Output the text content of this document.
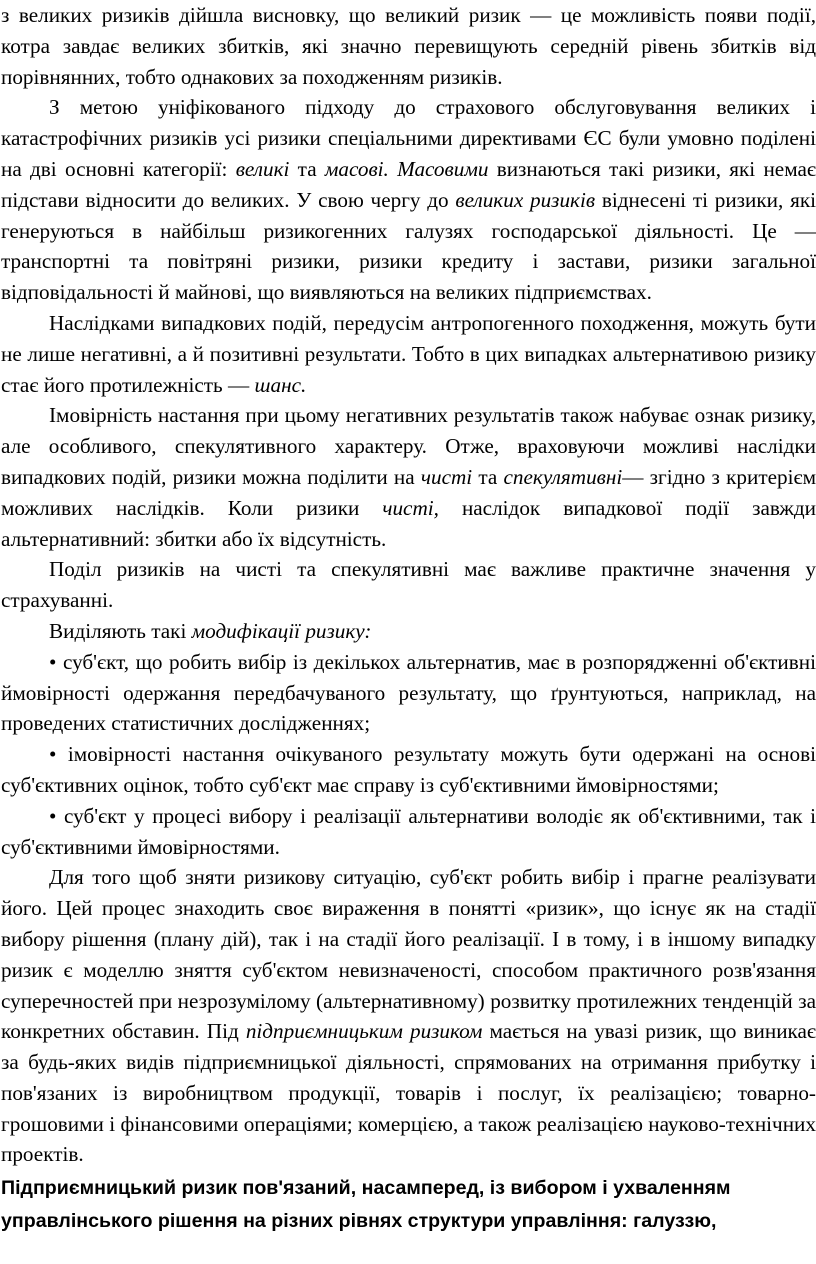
з великих ризиків дійшла висновку, що великий ризик — це можливість появи події, котра завдає великих збитків, які значно перевищують середній рівень збитків від порівнянних, тобто однакових за походженням ризиків.

З метою уніфікованого підходу до страхового обслуговування великих і катастрофічних ризиків усі ризики спеціальними директивами ЄС були умовно поділені на дві основні категорії: великі та масові. Масовими визнаються такі ризики, які немає підстави відносити до великих. У свою чергу до великих ризиків віднесені ті ризики, які генеруються в найбільш ризикогенних галузях господарської діяльності. Це — транспортні та повітряні ризики, ризики кредиту і застави, ризики загальної відповідальності й майнові, що виявляються на великих підприємствах.

Наслідками випадкових подій, передусім антропогенного походження, можуть бути не лише негативні, а й позитивні результати. Тобто в цих випадках альтернативою ризику стає його протилежність — шанс.

Імовірність настання при цьому негативних результатів також набуває ознак ризику, але особливого, спекулятивного характеру. Отже, враховуючи можливі наслідки випадкових подій, ризики можна поділити на чисті та спекулятивні— згідно з критерієм можливих наслідків. Коли ризики чисті, наслідок випадкової події завжди альтернативний: збитки або їх відсутність.

Поділ ризиків на чисті та спекулятивні має важливе практичне значення у страхуванні.

Виділяють такі модифікації ризику:

• суб'єкт, що робить вибір із декількох альтернатив, має в розпорядженні об'єктивні ймовірності одержання передбачуваного результату, що ґрунтуються, наприклад, на проведених статистичних дослідженнях;

• імовірності настання очікуваного результату можуть бути одержані на основі суб'єктивних оцінок, тобто суб'єкт має справу із суб'єктивними ймовірностями;

• суб'єкт у процесі вибору і реалізації альтернативи володіє як об'єктивними, так і суб'єктивними ймовірностями.

Для того щоб зняти ризикову ситуацію, суб'єкт робить вибір і прагне реалізувати його. Цей процес знаходить своє вираження в понятті «ризик», що існує як на стадії вибору рішення (плану дій), так і на стадії його реалізації. І в тому, і в іншому випадку ризик є моделлю зняття суб'єктом невизначеності, способом практичного розв'язання суперечностей при незрозумілому (альтернативному) розвитку протилежних тенденцій за конкретних обставин. Під підприємницьким ризиком мається на увазі ризик, що виникає за будь-яких видів підприємницької діяльності, спрямованих на отримання прибутку і пов'язаних із виробництвом продукції, товарів і послуг, їх реалізацією; товарно-грошовими і фінансовими операціями; комерцією, а також реалізацією науково-технічних проектів.

Підприємницький ризик пов'язаний, насамперед, із вибором і ухваленням управлінського рішення на різних рівнях структури управління: галуззю,
